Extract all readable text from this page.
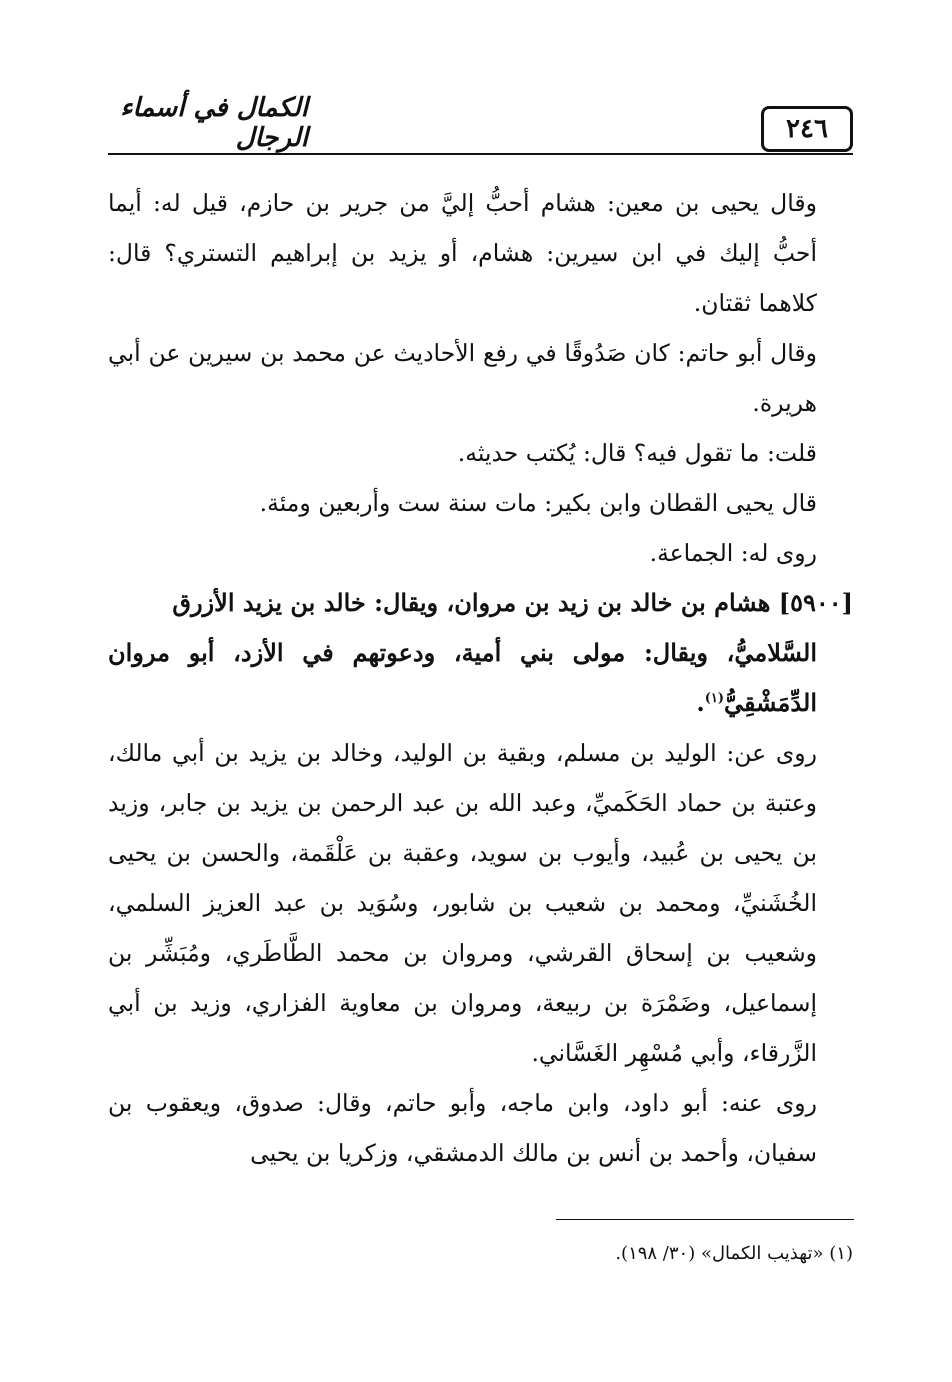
الكمال في أسماء الرجال	٢٤٦

وقال يحيى بن معين: هشام أحبُّ إليَّ من جرير بن حازم، قيل له: أيما أحبُّ إليك في ابن سيرين: هشام، أو يزيد بن إبراهيم التستري؟ قال: كلاهما ثقتان.

وقال أبو حاتم: كان صَدُوقًا في رفع الأحاديث عن محمد بن سيرين عن أبي هريرة.

قلت: ما تقول فيه؟ قال: يُكتب حديثه.

قال يحيى القطان وابن بكير: مات سنة ست وأربعين ومئة.

روى له: الجماعة.

[٥٩٠٠] هشام بن خالد بن زيد بن مروان، ويقال: خالد بن يزيد الأزرق
السَّلاميُّ، ويقال: مولى بني أمية، ودعوتهم في الأزد، أبو مروان الدِّمَشْقِيُّ$^{(١)}$.

روى عن: الوليد بن مسلم، وبقية بن الوليد، وخالد بن يزيد بن أبي مالك، وعتبة بن حماد الحَكَميِّ، وعبد الله بن عبد الرحمن بن يزيد بن جابر، وزيد بن يحيى بن عُبيد، وأيوب بن سويد، وعقبة بن عَلْقَمة، والحسن بن يحيى الخُشَنيِّ، ومحمد بن شعيب بن شابور، وسُوَيد بن عبد العزيز السلمي، وشعيب بن إسحاق القرشي، ومروان بن محمد الطَّاطَري، ومُبَشِّر بن إسماعيل، وضَمْرَة بن ربيعة، ومروان بن معاوية الفزاري، وزيد بن أبي الزَّرقاء، وأبي مُسْهِر الغَسَّاني.

روى عنه: أبو داود، وابن ماجه، وأبو حاتم، وقال: صدوق، ويعقوب بن سفيان، وأحمد بن أنس بن مالك الدمشقي، وزكريا بن يحيى

(١) «تهذيب الكمال» (٣٠/ ١٩٨).
